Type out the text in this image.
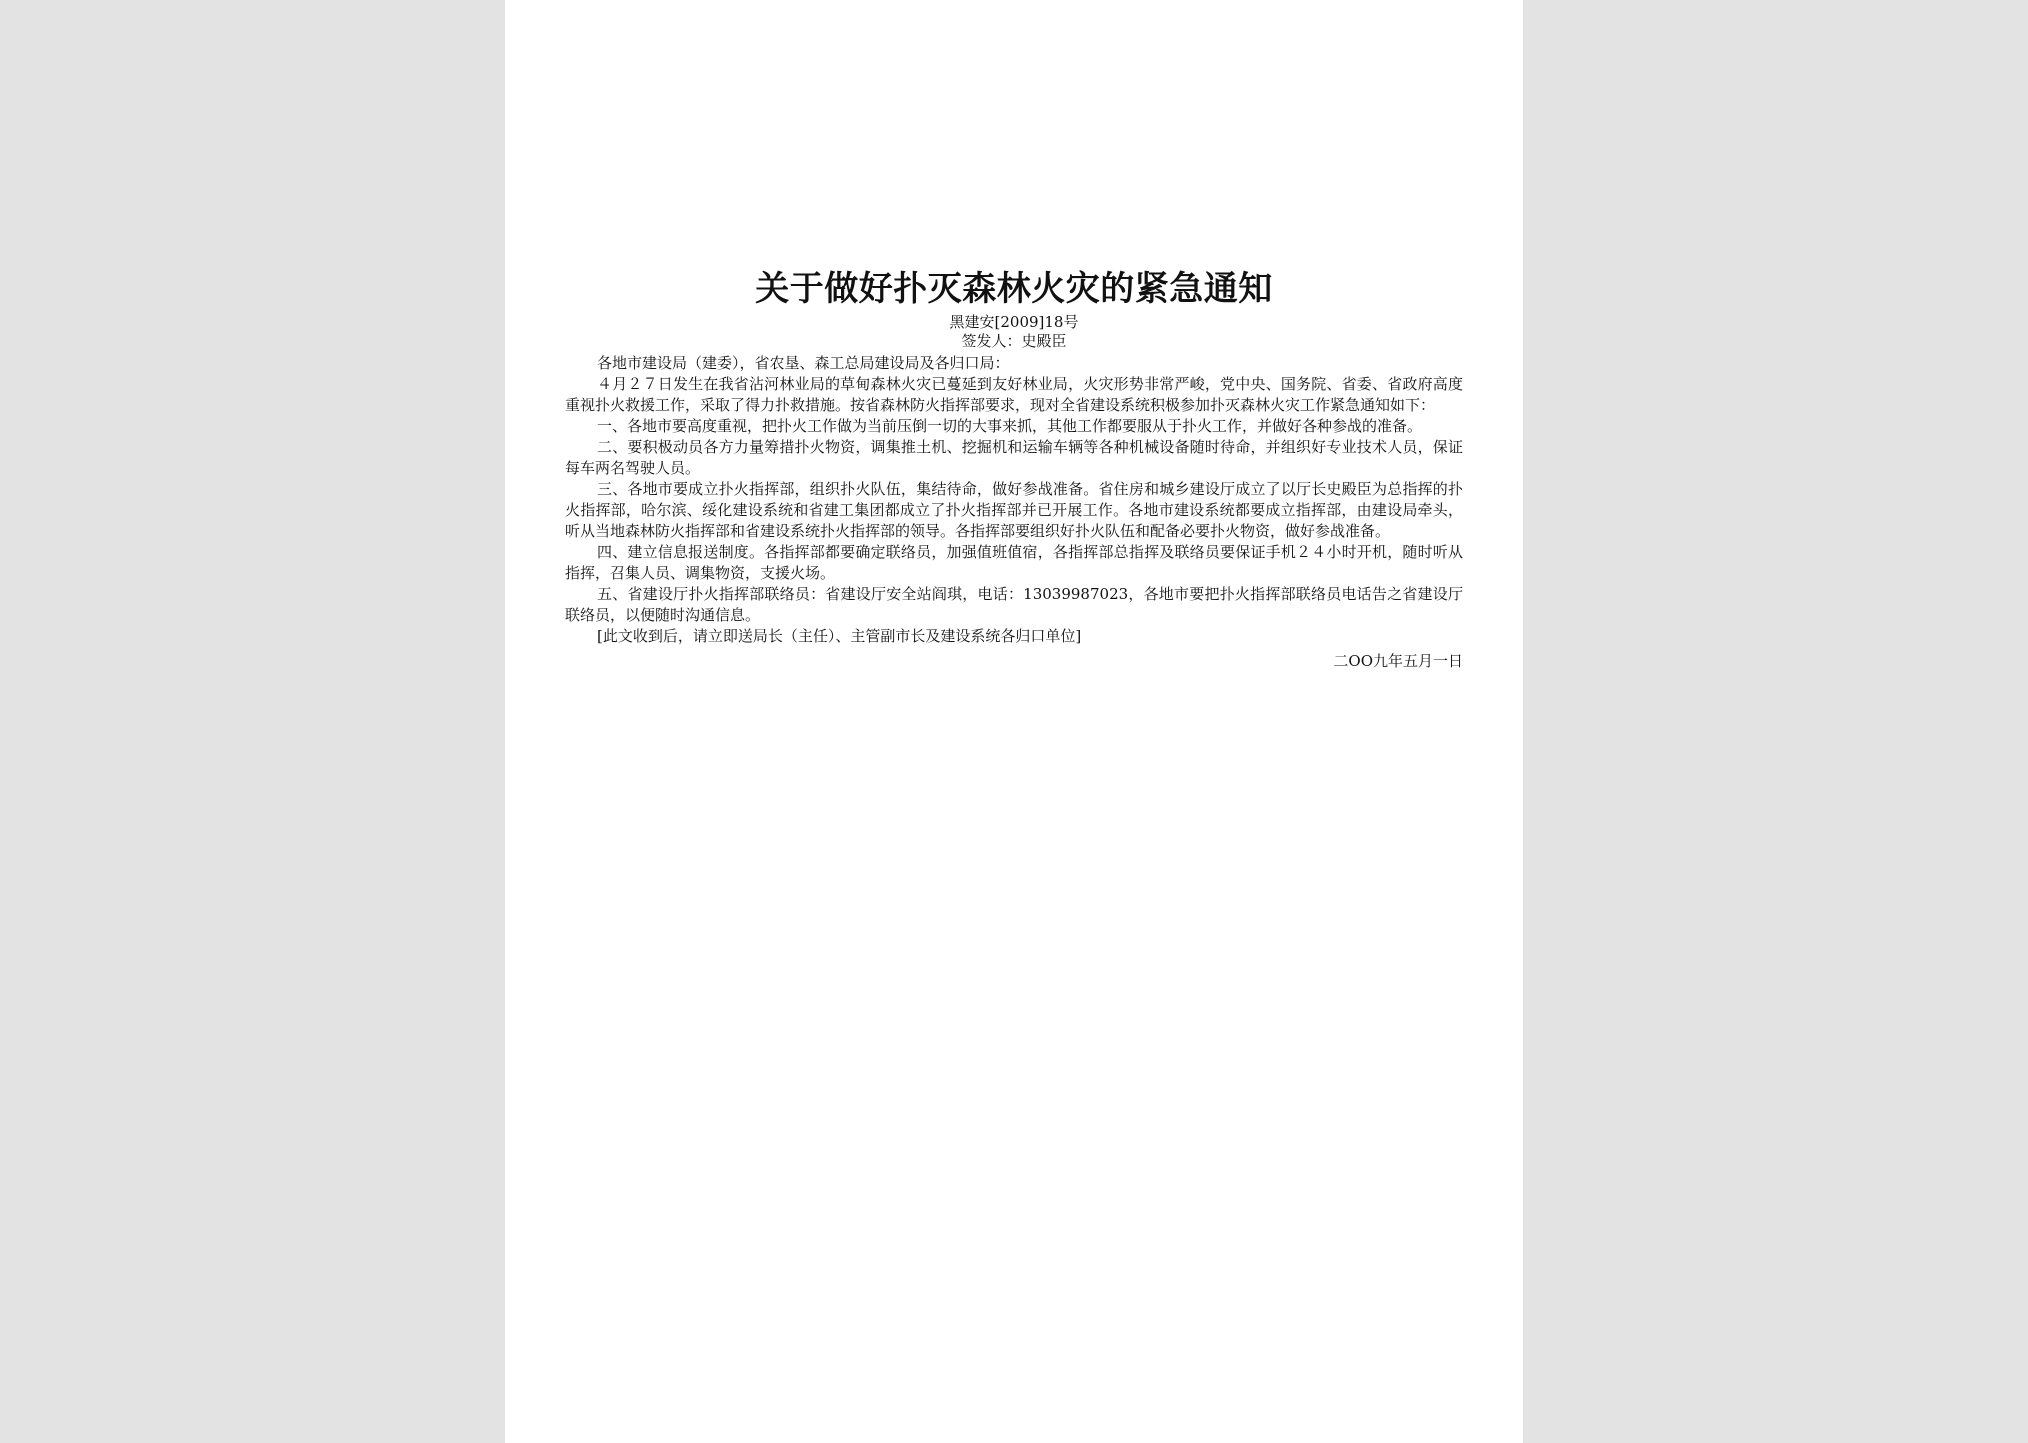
关于做好扑灭森林火灾的紧急通知

黑建安[2009]18号

签发人：史殿臣

各地市建设局（建委），省农垦、森工总局建设局及各归口局：

４月２７日发生在我省沾河林业局的草甸森林火灾已蔓延到友好林业局，火灾形势非常严峻，党中央、国务院、省委、省政府高度重视扑火救援工作，采取了得力扑救措施。按省森林防火指挥部要求，现对全省建设系统积极参加扑灭森林火灾工作紧急通知如下：

一、各地市要高度重视，把扑火工作做为当前压倒一切的大事来抓，其他工作都要服从于扑火工作，并做好各种参战的准备。

二、要积极动员各方力量筹措扑火物资，调集推土机、挖掘机和运输车辆等各种机械设备随时待命，并组织好专业技术人员，保证每车两名驾驶人员。

三、各地市要成立扑火指挥部，组织扑火队伍，集结待命，做好参战准备。省住房和城乡建设厅成立了以厅长史殿臣为总指挥的扑火指挥部，哈尔滨、绥化建设系统和省建工集团都成立了扑火指挥部并已开展工作。各地市建设系统都要成立指挥部，由建设局牵头，听从当地森林防火指挥部和省建设系统扑火指挥部的领导。各指挥部要组织好扑火队伍和配备必要扑火物资，做好参战准备。

四、建立信息报送制度。各指挥部都要确定联络员，加强值班值宿，各指挥部总指挥及联络员要保证手机２４小时开机，随时听从指挥，召集人员、调集物资，支援火场。

五、省建设厅扑火指挥部联络员：省建设厅安全站阎琪，电话：13039987023，各地市要把扑火指挥部联络员电话告之省建设厅联络员，以便随时沟通信息。

[此文收到后，请立即送局长（主任）、主管副市长及建设系统各归口单位]

二OO九年五月一日
